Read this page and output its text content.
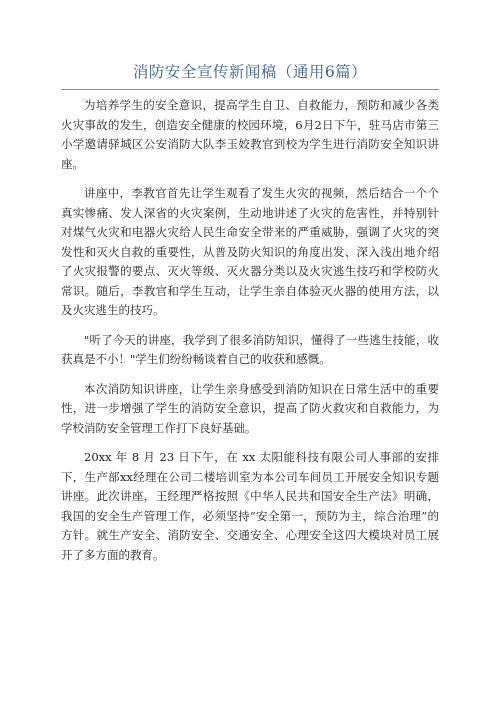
消防安全宣传新闻稿（通用6篇）

为培养学生的安全意识，提高学生自卫、自救能力，预防和减少各类火灾事故的发生，创造安全健康的校园环境，6月2日下午，驻马店市第三小学邀请驿城区公安消防大队李玉姣教官到校为学生进行消防安全知识讲座。

讲座中，李教官首先让学生观看了发生火灾的视频，然后结合一个个真实惨痛、发人深省的火灾案例，生动地讲述了火灾的危害性，并特别针对煤气火灾和电器火灾给人民生命安全带来的严重威胁，强调了火灾的突发性和灭火自救的重要性，从普及防火知识的角度出发、深入浅出地介绍了火灾报警的要点、灭火等级、灭火器分类以及火灾逃生技巧和学校防火常识。随后，李教官和学生互动，让学生亲自体验灭火器的使用方法，以及火灾逃生的技巧。

"听了今天的讲座，我学到了很多消防知识，懂得了一些逃生技能，收获真是不小！"学生们纷纷畅谈着自己的收获和感慨。

本次消防知识讲座，让学生亲身感受到消防知识在日常生活中的重要性，进一步增强了学生的消防安全意识，提高了防火救灾和自救能力，为学校消防安全管理工作打下良好基础。

20xx 年 8 月 23 日下午，在 xx 太阳能科技有限公司人事部的安排下，生产部xx经理在公司二楼培训室为本公司车间员工开展安全知识专题讲座。此次讲座，王经理严格按照《中华人民共和国安全生产法》明确，我国的安全生产管理工作，必须坚持“安全第一，预防为主，综合治理”的方针。就生产安全、消防安全、交通安全、心理安全这四大模块对员工展开了多方面的教育。
